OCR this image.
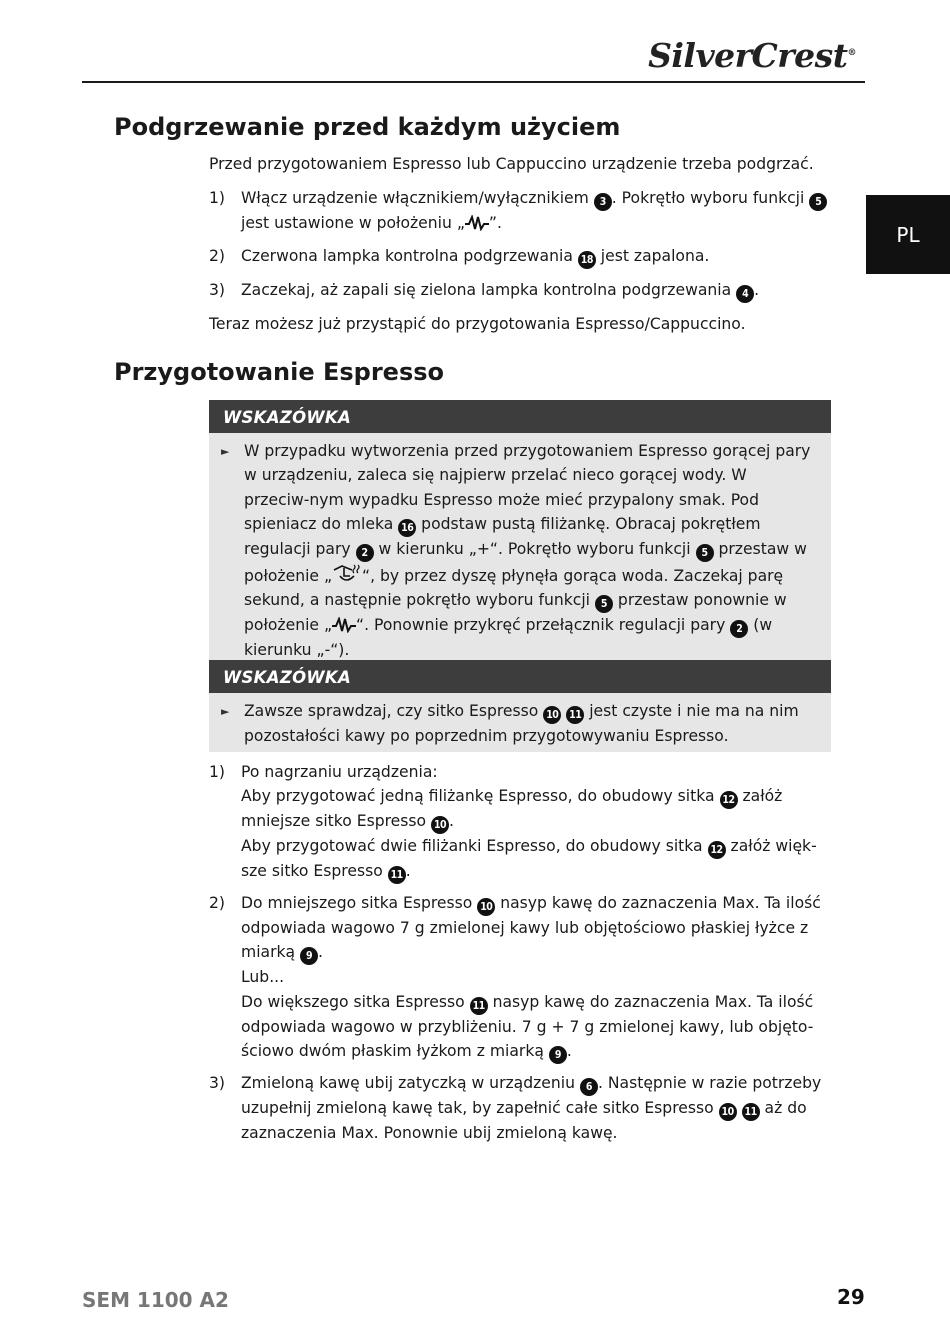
SilverCrest®
PL
Podgrzewanie przed każdym użyciem

Przed przygotowaniem Espresso lub Cappuccino urządzenie trzeba podgrzać.

1) Włącz urządzenie włącznikiem/wyłącznikiem 3 . Pokrętło wyboru funkcji 5 jest ustawione w położeniu „ ”.
2) Czerwona lampka kontrolna podgrzewania 18 jest zapalona.
3) Zaczekaj, aż zapali się zielona lampka kontrolna podgrzewania 4 .

Teraz możesz już przystąpić do przygotowania Espresso/Cappuccino.

Przygotowanie Espresso
WSKAZÓWKA
► W przypadku wytworzenia przed przygotowaniem Espresso gorącej pary w urządzeniu, zaleca się najpierw przelać nieco gorącej wody. W przeciw-nym wypadku Espresso może mieć przypalony smak. Pod spieniacz do mleka 16 podstaw pustą filiżankę. Obracaj pokrętłem regulacji pary 2 w kierunku „+“. Pokrętło wyboru funkcji 5 przestaw w położenie „ “, by przez dyszę płynęła gorąca woda. Zaczekaj parę sekund, a następnie pokrętło wyboru funkcji 5 przestaw ponownie w położenie „ “. Ponownie przykręć przełącznik regulacji pary 2 (w kierunku „-“).
WSKAZÓWKA
► Zawsze sprawdzaj, czy sitko Espresso 10 11 jest czyste i nie ma na nim pozostałości kawy po poprzednim przygotowywaniu Espresso.
1) Po nagrzaniu urządzenia:
Aby przygotować jedną filiżankę Espresso, do obudowy sitka 12 załóż mniejsze sitko Espresso 10 .
Aby przygotować dwie filiżanki Espresso, do obudowy sitka 12 załóż więk-sze sitko Espresso 11 .
2) Do mniejszego sitka Espresso 10 nasyp kawę do zaznaczenia Max. Ta ilość odpowiada wagowo 7 g zmielonej kawy lub objętościowo płaskiej łyżce z miarką 9 .
Lub...
Do większego sitka Espresso 11 nasyp kawę do zaznaczenia Max. Ta ilość odpowiada wagowo w przybliżeniu. 7 g + 7 g zmielonej kawy, lub objęto-ściowo dwóm płaskim łyżkom z miarką 9 .
3) Zmieloną kawę ubij zatyczką w urządzeniu 6 . Następnie w razie potrzeby uzupełnij zmieloną kawę tak, by zapełnić całe sitko Espresso 10 11 aż do zaznaczenia Max. Ponownie ubij zmieloną kawę.
SEM 1100 A2	29
